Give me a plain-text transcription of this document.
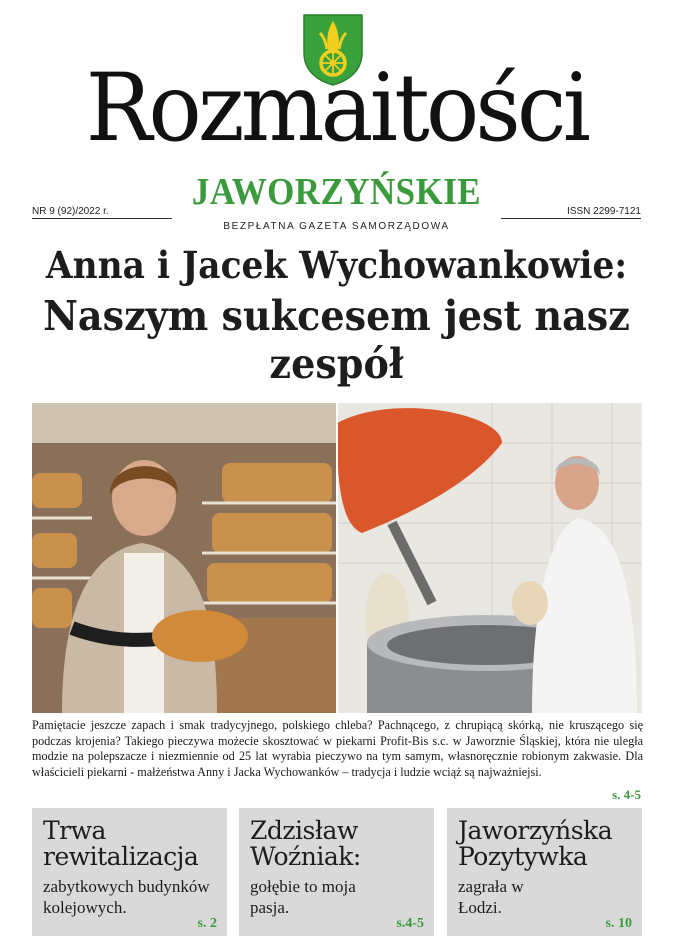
Rozmaitości
JAWORZYŃSKIE
NR 9 (92)/2022 r.	ISSN 2299-7121
BEZPŁATNA GAZETA SAMORZĄDOWA
Anna i Jacek Wychowankowie:
Naszym sukcesem jest nasz zespół
Pamiętacie jeszcze zapach i smak tradycyjnego, polskiego chleba? Pachnącego, z chrupiącą skórką, nie kruszącego się podczas krojenia? Takiego pieczywa możecie skosztować w piekarni Profit-Bis s.c. w Jaworznie Śląskiej, która nie uległa modzie na polepszacze i niezmiennie od 25 lat wyrabia pieczywo na tym samym, własnoręcznie robionym zakwasie. Dla właścicieli piekarni - małżeństwa Anny i Jacka Wychowanków – tradycja i ludzie wciąż są najważniejsi.
s. 4-5
Trwa rewitalizacja
zabytkowych budynków kolejowych.
s. 2
Zdzisław Woźniak:
gołębie to moja pasja.
s.4-5
Jaworzyńska Pozytywka
zagrała w Łodzi.
s. 10
